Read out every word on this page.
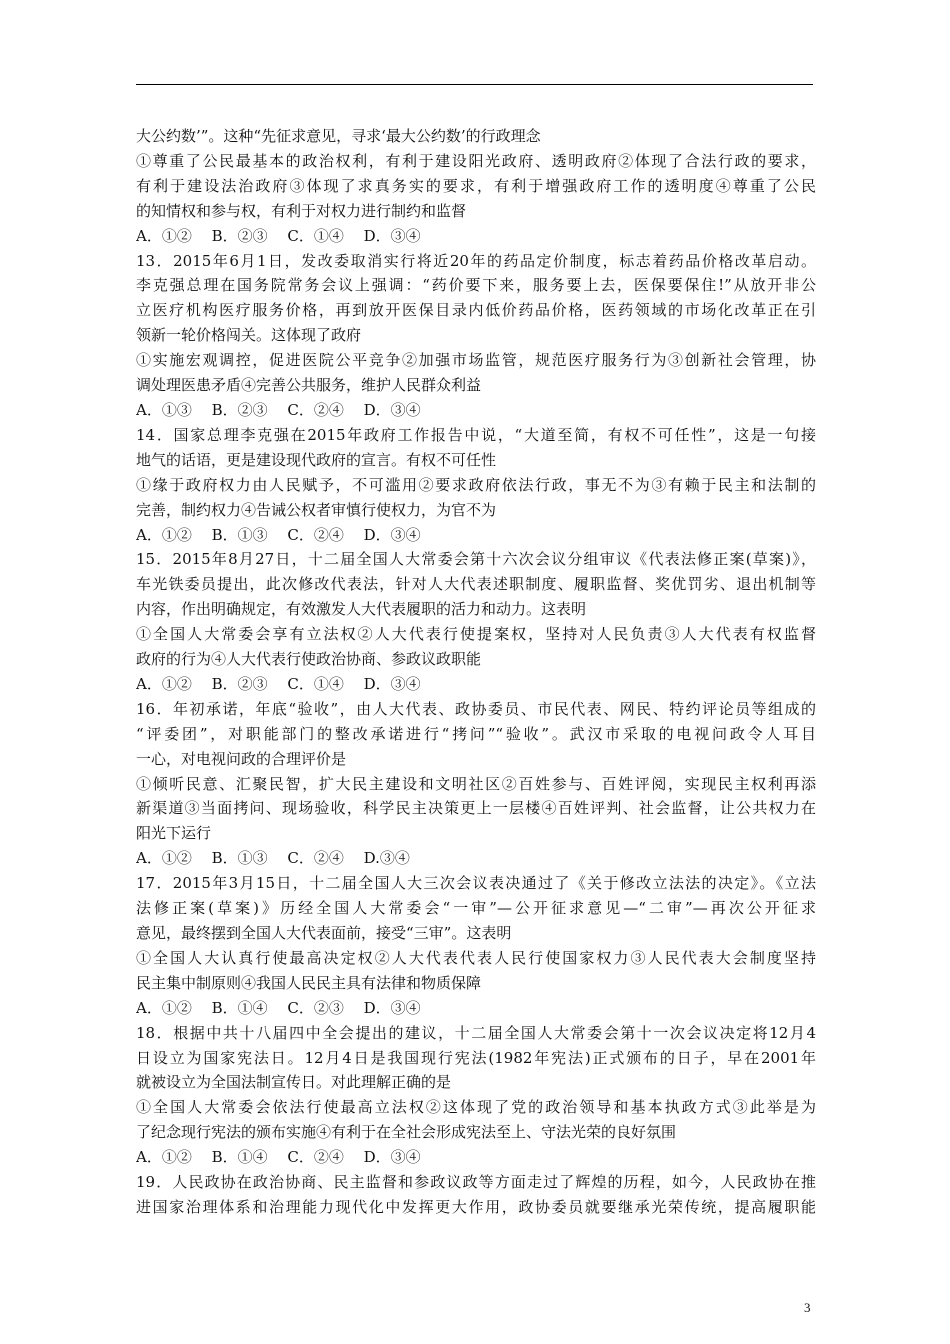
大公约数’”。这种“先征求意见，寻求‘最大公约数’的行政理念

①尊重了公民最基本的政治权利，有利于建设阳光政府、透明政府②体现了合法行政的要求，

有利于建设法治政府③体现了求真务实的要求，有利于增强政府工作的透明度④尊重了公民

的知情权和参与权，有利于对权力进行制约和监督

A．①②　 B．②③　 C．①④　 D．③④

13．2015年6月1日，发改委取消实行将近20年的药品定价制度，标志着药品价格改革启动。

李克强总理在国务院常务会议上强调：“药价要下来，服务要上去，医保要保住!”从放开非公

立医疗机构医疗服务价格，再到放开医保目录内低价药品价格，医药领域的市场化改革正在引

领新一轮价格闯关。这体现了政府

①实施宏观调控，促进医院公平竞争②加强市场监管，规范医疗服务行为③创新社会管理，协

调处理医患矛盾④完善公共服务，维护人民群众利益

A．①③　 B．②③　 C．②④　 D．③④

14．国家总理李克强在2015年政府工作报告中说，“大道至简，有权不可任性”，这是一句接

地气的话语，更是建设现代政府的宣言。有权不可任性

①缘于政府权力由人民赋予，不可滥用②要求政府依法行政，事无不为③有赖于民主和法制的

完善，制约权力④告诫公权者审慎行使权力，为官不为

A．①②　 B．①③　 C．②④　 D．③④

15．2015年8月27日，十二届全国人大常委会第十六次会议分组审议《代表法修正案(草案)》，

车光铁委员提出，此次修改代表法，针对人大代表述职制度、履职监督、奖优罚劣、退出机制等

内容，作出明确规定，有效激发人大代表履职的活力和动力。这表明

①全国人大常委会享有立法权②人大代表行使提案权，坚持对人民负责③人大代表有权监督

政府的行为④人大代表行使政治协商、参政议政职能

A．①②　 B．②③　 C．①④　 D．③④

16．年初承诺，年底“验收”，由人大代表、政协委员、市民代表、网民、特约评论员等组成的

“评委团”，对职能部门的整改承诺进行“拷问”“验收”。武汉市采取的电视问政令人耳目

一心，对电视问政的合理评价是

①倾听民意、汇聚民智，扩大民主建设和文明社区②百姓参与、百姓评阅，实现民主权利再添

新渠道③当面拷问、现场验收，科学民主决策更上一层楼④百姓评判、社会监督，让公共权力在

阳光下运行

A．①②　 B．①③　 C．②④　 D.③④

17．2015年3月15日，十二届全国人大三次会议表决通过了《关于修改立法法的决定》。《立法

法修正案(草案)》历经全国人大常委会“一审”—公开征求意见—“二审”—再次公开征求

意见，最终摆到全国人大代表面前，接受“三审”。这表明

①全国人大认真行使最高决定权②人大代表代表人民行使国家权力③人民代表大会制度坚持

民主集中制原则④我国人民民主具有法律和物质保障

A．①②　 B．①④　 C．②③　 D．③④

18．根据中共十八届四中全会提出的建议，十二届全国人大常委会第十一次会议决定将12月4

日设立为国家宪法日。12月4日是我国现行宪法(1982年宪法)正式颁布的日子，早在2001年

就被设立为全国法制宣传日。对此理解正确的是

①全国人大常委会依法行使最高立法权②这体现了党的政治领导和基本执政方式③此举是为

了纪念现行宪法的颁布实施④有利于在全社会形成宪法至上、守法光荣的良好氛围

A．①②　 B．①④　 C．②④　 D．③④

19．人民政协在政治协商、民主监督和参政议政等方面走过了辉煌的历程，如今，人民政协在推

进国家治理体系和治理能力现代化中发挥更大作用，政协委员就要继承光荣传统，提高履职能

3
